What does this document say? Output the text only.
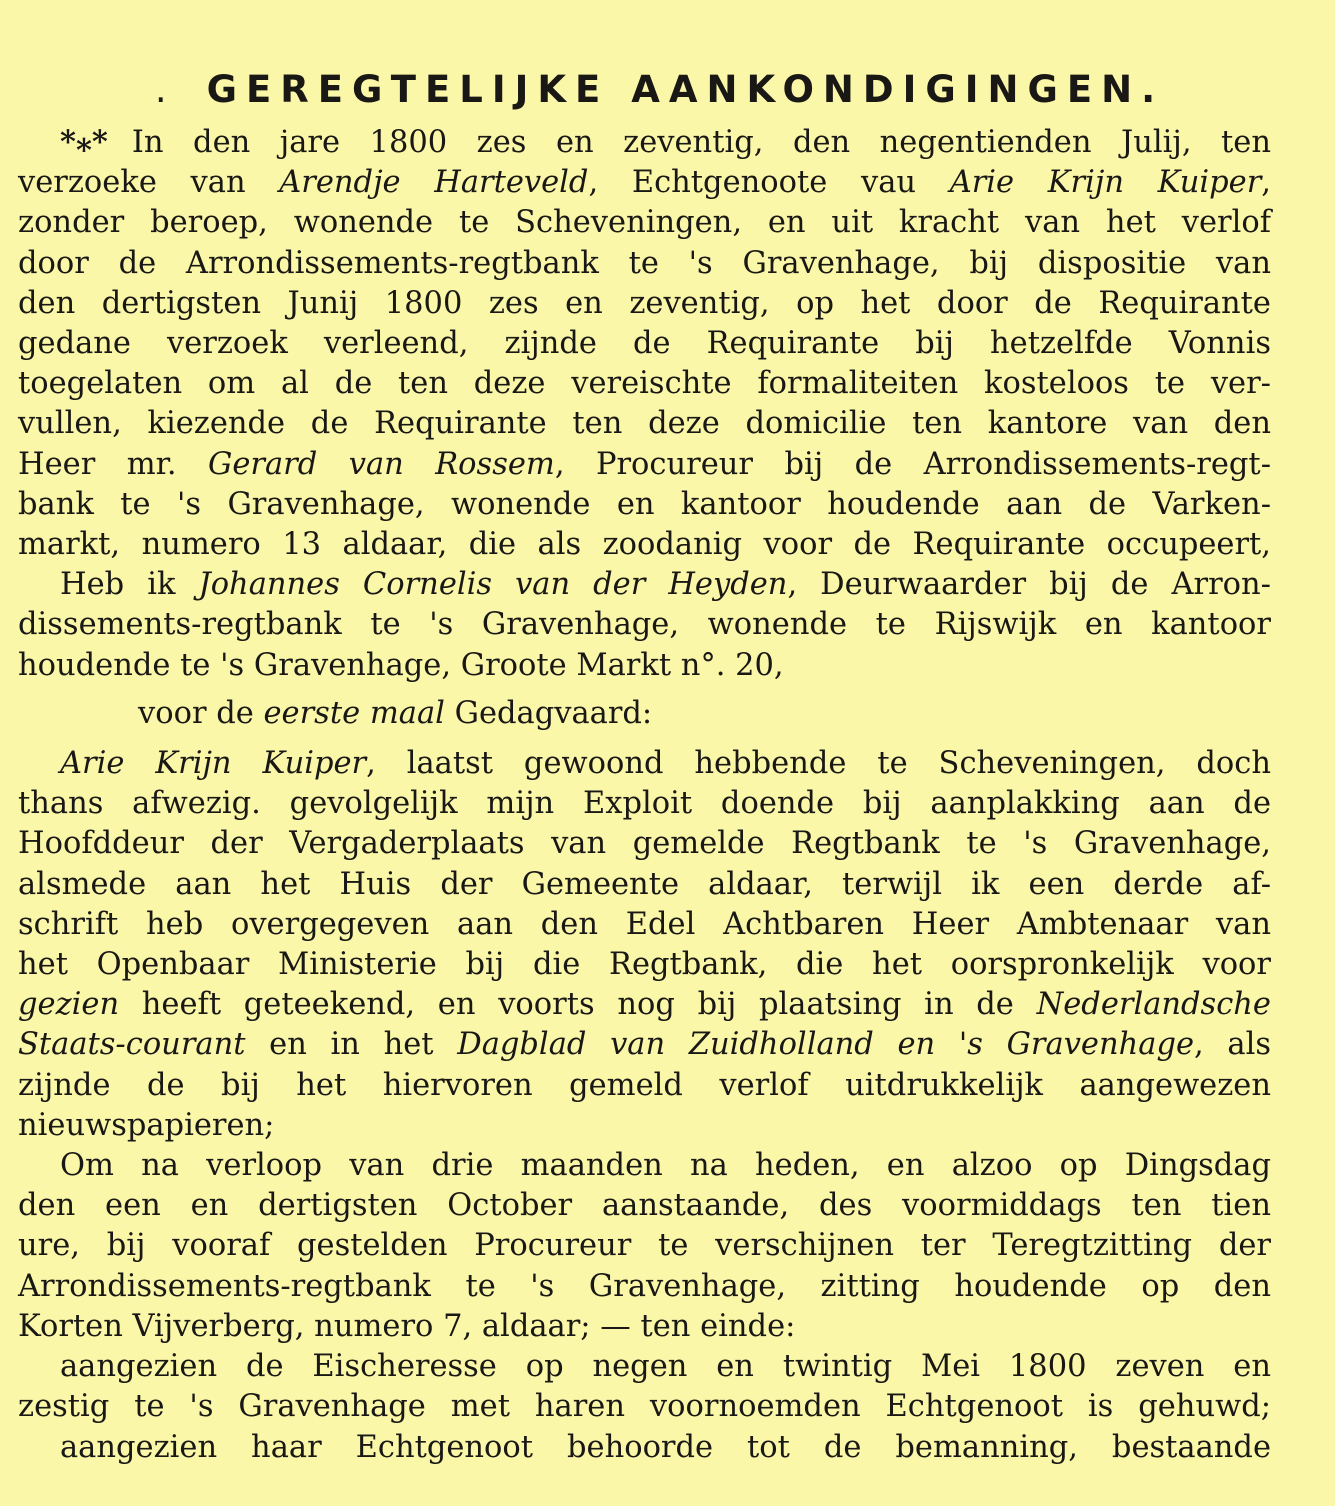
. GEREGTELIJKE AANKONDIGINGEN.
*⁎* In den jare 1800 zes en zeventig, den negentienden Julij, ten
verzoeke van Arendje Harteveld, Echtgenoote vau Arie Krijn Kuiper,
zonder beroep, wonende te Scheveningen, en uit kracht van het verlof
door de Arrondissements-regtbank te 's Gravenhage, bij dispositie van
den dertigsten Junij 1800 zes en zeventig, op het door de Requirante
gedane verzoek verleend, zijnde de Requirante bij hetzelfde Vonnis
toegelaten om al de ten deze vereischte formaliteiten kosteloos te ver-
vullen, kiezende de Requirante ten deze domicilie ten kantore van den
Heer mr. Gerard van Rossem, Procureur bij de Arrondissements-regt-
bank te 's Gravenhage, wonende en kantoor houdende aan de Varken-
markt, numero 13 aldaar, die als zoodanig voor de Requirante occupeert,
Heb ik Johannes Cornelis van der Heyden, Deurwaarder bij de Arron-
dissements-regtbank te 's Gravenhage, wonende te Rijswijk en kantoor
houdende te 's Gravenhage, Groote Markt n°. 20,
voor de eerste maal Gedagvaard:
Arie Krijn Kuiper, laatst gewoond hebbende te Scheveningen, doch
thans afwezig. gevolgelijk mijn Exploit doende bij aanplakking aan de
Hoofddeur der Vergaderplaats van gemelde Regtbank te 's Gravenhage,
alsmede aan het Huis der Gemeente aldaar, terwijl ik een derde af-
schrift heb overgegeven aan den Edel Achtbaren Heer Ambtenaar van
het Openbaar Ministerie bij die Regtbank, die het oorspronkelijk voor
gezien heeft geteekend, en voorts nog bij plaatsing in de Nederlandsche
Staats-courant en in het Dagblad van Zuidholland en 's Gravenhage, als
zijnde de bij het hiervoren gemeld verlof uitdrukkelijk aangewezen
nieuwspapieren;
Om na verloop van drie maanden na heden, en alzoo op Dingsdag
den een en dertigsten October aanstaande, des voormiddags ten tien
ure, bij vooraf gestelden Procureur te verschijnen ter Teregtzitting der
Arrondissements-regtbank te 's Gravenhage, zitting houdende op den
Korten Vijverberg, numero 7, aldaar; — ten einde:
aangezien de Eischeresse op negen en twintig Mei 1800 zeven en
zestig te 's Gravenhage met haren voornoemden Echtgenoot is gehuwd;
aangezien haar Echtgenoot behoorde tot de bemanning, bestaande
